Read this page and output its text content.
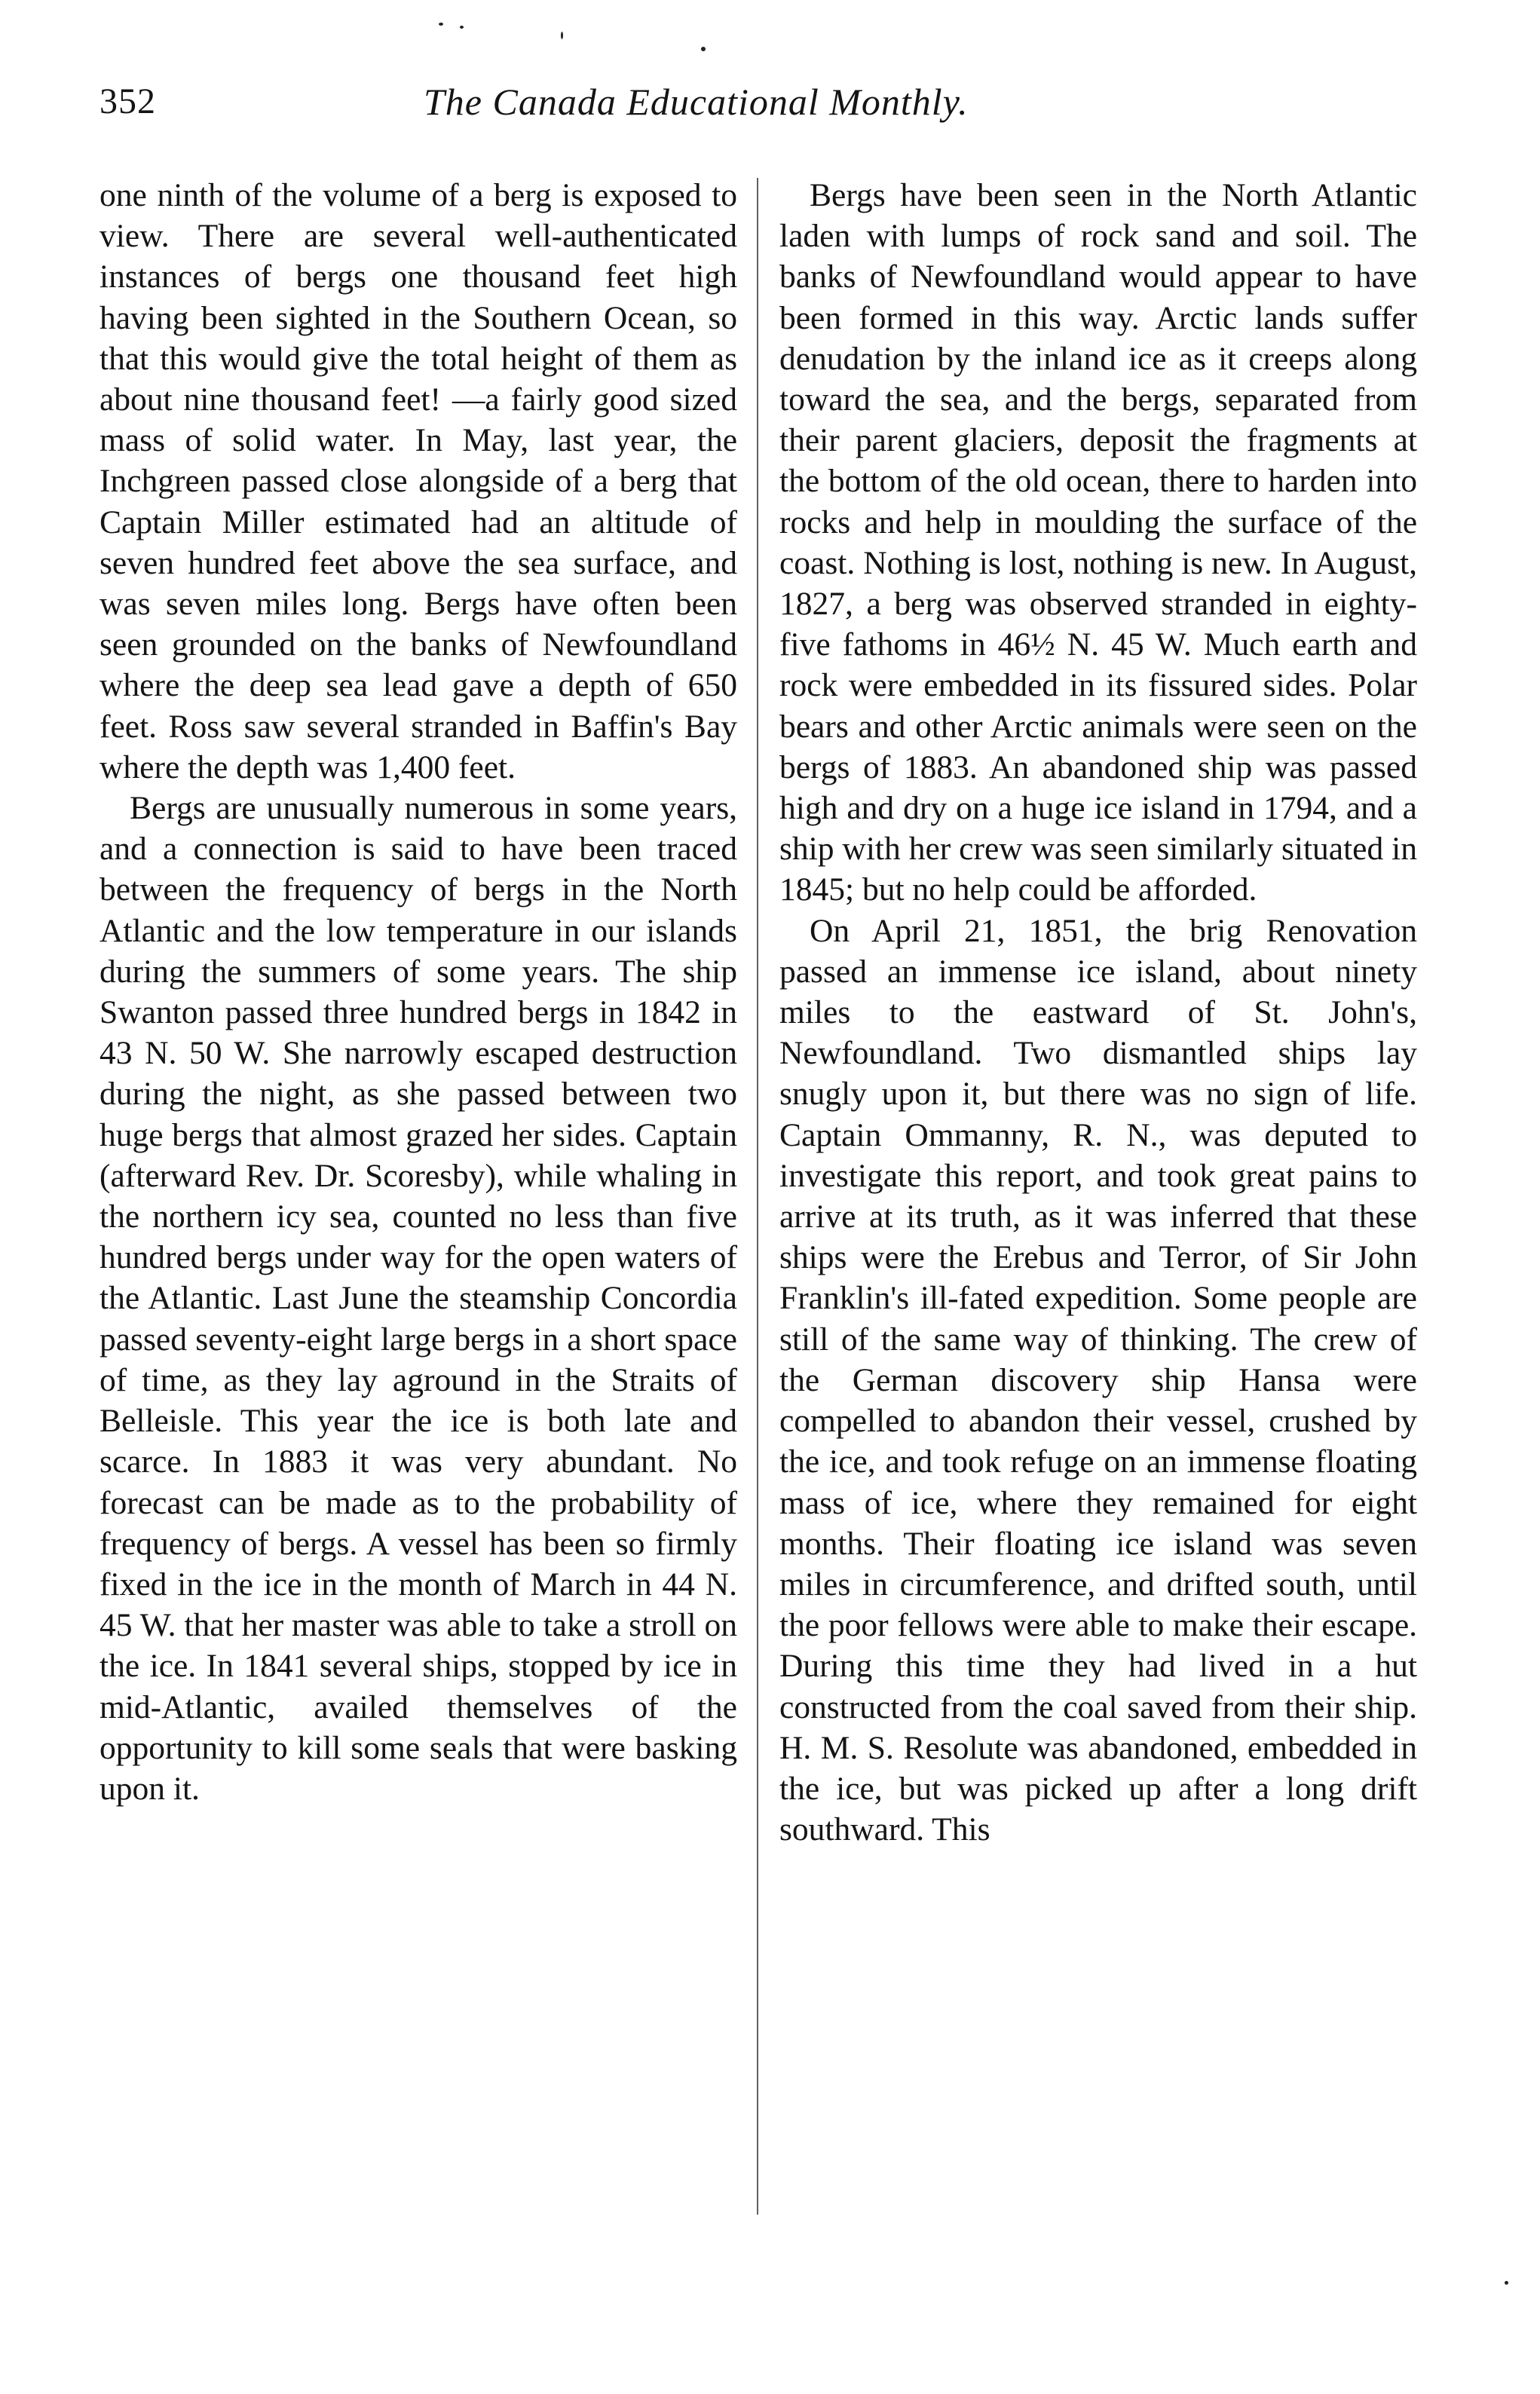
352	The Canada Educational Monthly.

one ninth of the volume of a berg is exposed to view. There are several well-authenticated instances of bergs one thousand feet high having been sighted in the Southern Ocean, so that this would give the total height of them as about nine thousand feet! —a fairly good sized mass of solid water. In May, last year, the Inchgreen passed close alongside of a berg that Captain Miller estimated had an altitude of seven hundred feet above the sea surface, and was seven miles long. Bergs have often been seen grounded on the banks of Newfoundland where the deep sea lead gave a depth of 650 feet. Ross saw several stranded in Baffin's Bay where the depth was 1,400 feet.

Bergs are unusually numerous in some years, and a connection is said to have been traced between the frequency of bergs in the North Atlantic and the low temperature in our islands during the summers of some years. The ship Swanton passed three hundred bergs in 1842 in 43 N. 50 W. She narrowly escaped destruction during the night, as she passed between two huge bergs that almost grazed her sides. Captain (afterward Rev. Dr. Scoresby), while whaling in the northern icy sea, counted no less than five hundred bergs under way for the open waters of the Atlantic. Last June the steamship Concordia passed seventy-eight large bergs in a short space of time, as they lay aground in the Straits of Belleisle. This year the ice is both late and scarce. In 1883 it was very abundant. No forecast can be made as to the probability of frequency of bergs. A vessel has been so firmly fixed in the ice in the month of March in 44 N. 45 W. that her master was able to take a stroll on the ice. In 1841 several ships, stopped by ice in mid-Atlantic, availed themselves of the opportunity to kill some seals that were basking upon it.

Bergs have been seen in the North Atlantic laden with lumps of rock sand and soil. The banks of Newfoundland would appear to have been formed in this way. Arctic lands suffer denudation by the inland ice as it creeps along toward the sea, and the bergs, separated from their parent glaciers, deposit the fragments at the bottom of the old ocean, there to harden into rocks and help in moulding the surface of the coast. Nothing is lost, nothing is new. In August, 1827, a berg was observed stranded in eighty-five fathoms in 46½ N. 45 W. Much earth and rock were embedded in its fissured sides. Polar bears and other Arctic animals were seen on the bergs of 1883. An abandoned ship was passed high and dry on a huge ice island in 1794, and a ship with her crew was seen similarly situated in 1845; but no help could be afforded.

On April 21, 1851, the brig Renovation passed an immense ice island, about ninety miles to the eastward of St. John's, Newfoundland. Two dismantled ships lay snugly upon it, but there was no sign of life. Captain Ommanny, R. N., was deputed to investigate this report, and took great pains to arrive at its truth, as it was inferred that these ships were the Erebus and Terror, of Sir John Franklin's ill-fated expedition. Some people are still of the same way of thinking. The crew of the German discovery ship Hansa were compelled to abandon their vessel, crushed by the ice, and took refuge on an immense floating mass of ice, where they remained for eight months. Their floating ice island was seven miles in circumference, and drifted south, until the poor fellows were able to make their escape. During this time they had lived in a hut constructed from the coal saved from their ship. H. M. S. Resolute was abandoned, embedded in the ice, but was picked up after a long drift southward. This
